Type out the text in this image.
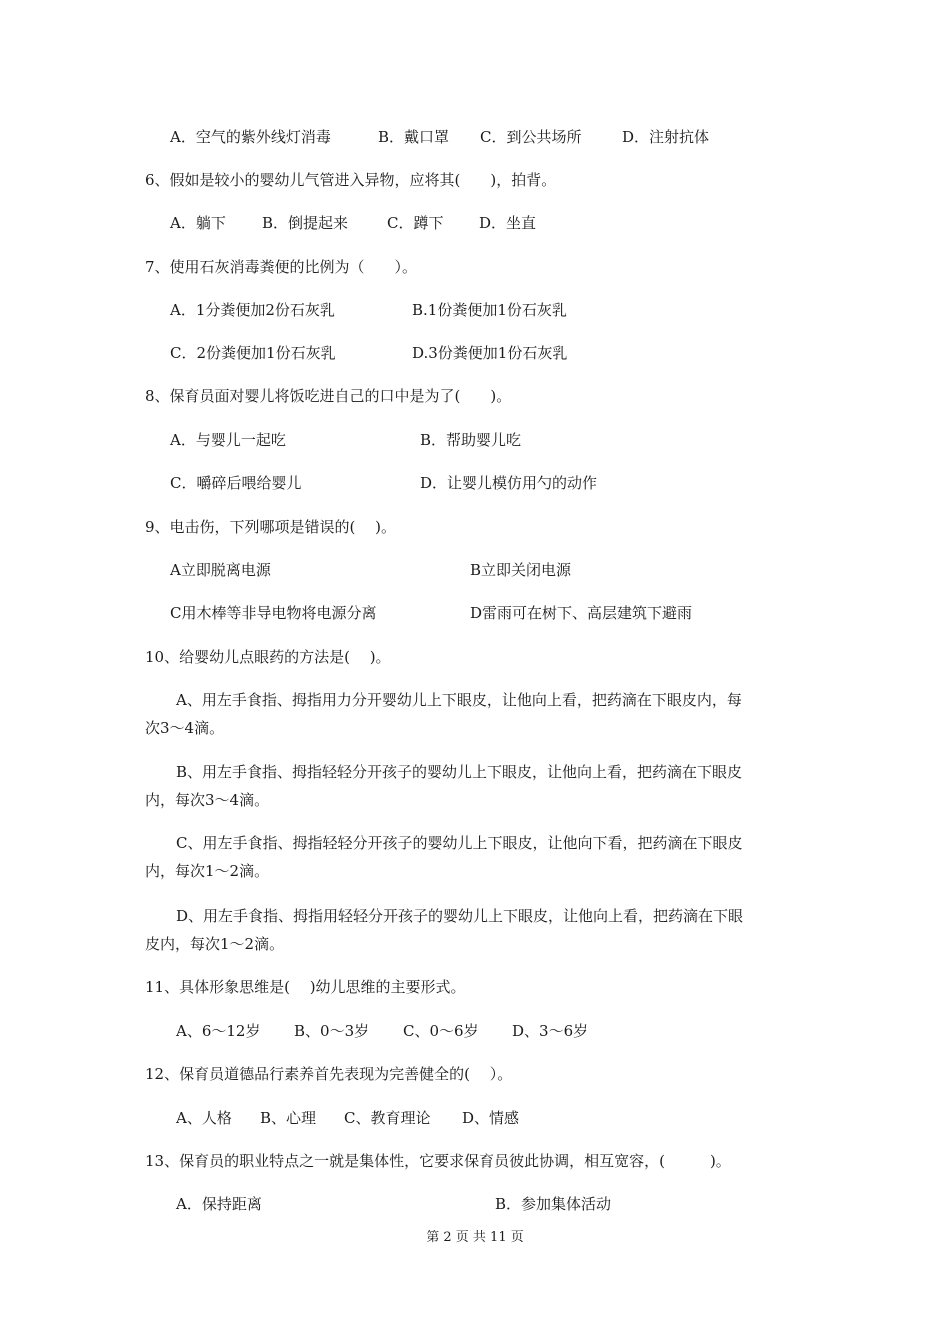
A．空气的紫外线灯消毒	B．戴口罩 C．到公共场所	D．注射抗体
6、假如是较小的婴幼儿气管进入异物，应将其(　　)，拍背。
A．躺下 B．倒提起来	C．蹲下 D．坐直
7、使用石灰消毒粪便的比例为（　　）。
A．1分粪便加2份石灰乳	B.1份粪便加1份石灰乳
C．2份粪便加1份石灰乳	D.3份粪便加1份石灰乳
8、保育员面对婴儿将饭吃进自己的口中是为了(　　)。
A．与婴儿一起吃	B．帮助婴儿吃
C．嚼碎后喂给婴儿	D．让婴儿模仿用勺的动作
9、电击伤，下列哪项是错误的(　 )。
A立即脱离电源	B立即关闭电源
C用木棒等非导电物将电源分离	D雷雨可在树下、高层建筑下避雨
10、给婴幼儿点眼药的方法是(　 )。
A、用左手食指、拇指用力分开婴幼儿上下眼皮，让他向上看，把药滴在下眼皮内，每
次3～4滴。
B、用左手食指、拇指轻轻分开孩子的婴幼儿上下眼皮，让他向上看，把药滴在下眼皮
内，每次3～4滴。
C、用左手食指、拇指轻轻分开孩子的婴幼儿上下眼皮，让他向下看，把药滴在下眼皮
内，每次1～2滴。
D、用左手食指、拇指用轻轻分开孩子的婴幼儿上下眼皮，让他向上看，把药滴在下眼
皮内，每次1～2滴。
11、具体形象思维是(　 )幼儿思维的主要形式。
A、6～12岁 B、0～3岁 C、0～6岁 D、3～6岁
12、保育员道德品行素养首先表现为完善健全的(　 ）。
A、人格 B、心理 C、教育理论 D、情感
13、保育员的职业特点之一就是集体性，它要求保育员彼此协调，相互宽容，(　　　)。
A．保持距离	B．参加集体活动
第 2 页 共 11 页
